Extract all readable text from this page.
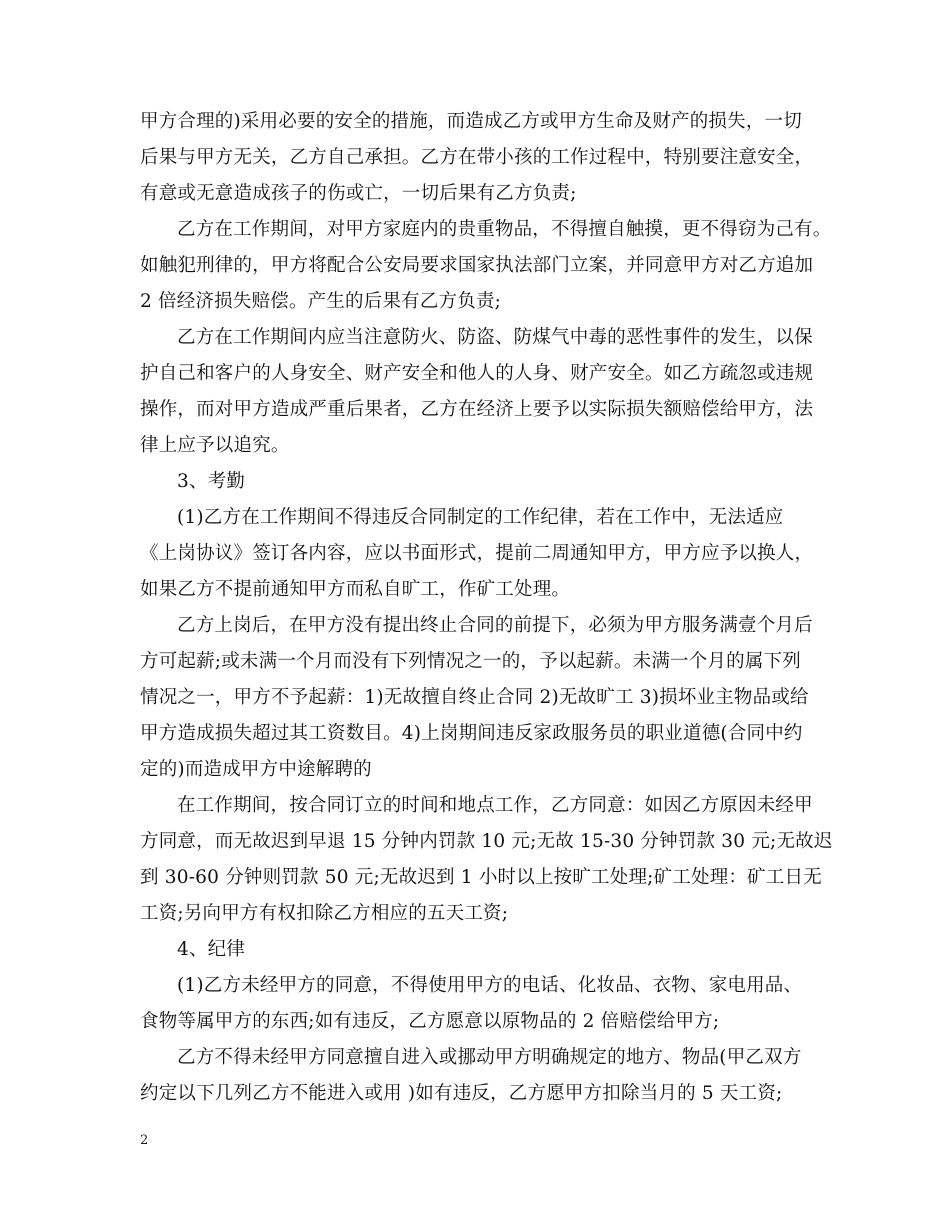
甲方合理的)采用必要的安全的措施，而造成乙方或甲方生命及财产的损失，一切
后果与甲方无关，乙方自己承担。乙方在带小孩的工作过程中，特别要注意安全，
有意或无意造成孩子的伤或亡，一切后果有乙方负责;
乙方在工作期间，对甲方家庭内的贵重物品，不得擅自触摸，更不得窃为己有。
如触犯刑律的，甲方将配合公安局要求国家执法部门立案，并同意甲方对乙方追加
2 倍经济损失赔偿。产生的后果有乙方负责;
乙方在工作期间内应当注意防火、防盗、防煤气中毒的恶性事件的发生，以保
护自己和客户的人身安全、财产安全和他人的人身、财产安全。如乙方疏忽或违规
操作，而对甲方造成严重后果者，乙方在经济上要予以实际损失额赔偿给甲方，法
律上应予以追究。
3、考勤
(1)乙方在工作期间不得违反合同制定的工作纪律，若在工作中，无法适应
《上岗协议》签订各内容，应以书面形式，提前二周通知甲方，甲方应予以换人，
如果乙方不提前通知甲方而私自旷工，作矿工处理。
乙方上岗后，在甲方没有提出终止合同的前提下，必须为甲方服务满壹个月后
方可起薪;或未满一个月而没有下列情况之一的，予以起薪。未满一个月的属下列
情况之一，甲方不予起薪：1)无故擅自终止合同 2)无故旷工 3)损坏业主物品或给
甲方造成损失超过其工资数目。4)上岗期间违反家政服务员的职业道德(合同中约
定的)而造成甲方中途解聘的
在工作期间，按合同订立的时间和地点工作，乙方同意：如因乙方原因未经甲
方同意，而无故迟到早退 15 分钟内罚款 10 元;无故 15-30 分钟罚款 30 元;无故迟
到 30-60 分钟则罚款 50 元;无故迟到 1 小时以上按旷工处理;矿工处理：矿工日无
工资;另向甲方有权扣除乙方相应的五天工资;
4、纪律
(1)乙方未经甲方的同意，不得使用甲方的电话、化妆品、衣物、家电用品、
食物等属甲方的东西;如有违反，乙方愿意以原物品的 2 倍赔偿给甲方;
乙方不得未经甲方同意擅自进入或挪动甲方明确规定的地方、物品(甲乙双方
约定以下几列乙方不能进入或用 )如有违反，乙方愿甲方扣除当月的 5 天工资;
2
